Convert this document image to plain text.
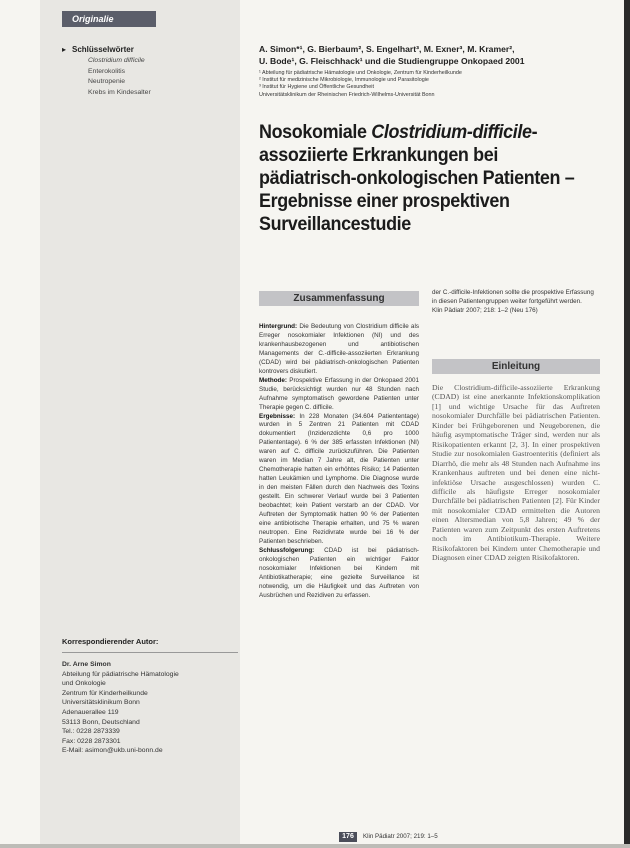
Originalie
▸ Schlüsselwörter
Clostridium difficile
Enterokolitis
Neutropenie
Krebs im Kindesalter
A. Simon*¹, G. Bierbaum², S. Engelhart³, M. Exner³, M. Kramer²,
U. Bode¹, G. Fleischhack¹ und die Studiengruppe Onkopaed 2001
¹ Abteilung für pädiatrische Hämatologie und Onkologie, Zentrum für Kinderheilkunde
² Institut für medizinische Mikrobiologie, Immunologie und Parasitologie
³ Institut für Hygiene und Öffentliche Gesundheit
Universitätsklinikum der Rheinischen Friedrich-Wilhelms-Universität Bonn
Nosokomiale Clostridium-difficile-assoziierte Erkrankungen bei pädiatrisch-onkologischen Patienten – Ergebnisse einer prospektiven Surveillancestudie
Zusammenfassung
Hintergrund: Die Bedeutung von Clostridium difficile als Erreger nosokomialer Infektionen (NI) und des krankenhausbezogenen und antibiotischen Managements der C.-difficile-assoziierten Erkrankung (CDAD) wird bei pädiatrisch-onkologischen Patienten kontrovers diskutiert.
Methode: Prospektive Erfassung in der Onkopaed 2001 Studie, berücksichtigt wurden nur 48 Stunden nach Aufnahme symptomatisch gewordene Patienten unter Therapie gegen C. difficile.
Ergebnisse: In 228 Monaten (34.604 Patiententage) wurden in 5 Zentren 21 Patienten mit CDAD dokumentiert (Inzidenzdichte 0,6 pro 1000 Patiententage). 6 % der 385 erfassten Infektionen (NI) waren auf C. difficile zurückzuführen. Die Patienten waren im Median 7 Jahre alt, die Patienten unter Chemotherapie hatten ein erhöhtes Risiko; 14 Patienten hatten Leukämien und Lymphome. Die Diagnose wurde in den meisten Fällen durch den Nachweis des Toxins gestellt. Ein schwerer Verlauf wurde bei 3 Patienten beobachtet; kein Patient verstarb an der CDAD. Vor Auftreten der Symptomatik hatten 90 % der Patienten eine antibiotische Therapie erhalten, und 75 % waren neutropen. Eine Rezidivrate wurde bei 16 % der Patienten beschrieben.
Schlussfolgerung: CDAD ist bei pädiatrisch-onkologischen Patienten ein wichtiger Faktor nosokomialer Infektionen bei Kindern mit Antibiotikatherapie; eine gezielte Surveillance ist notwendig, um die Häufigkeit und das Auftreten von Ausbrüchen und Rezidiven zu erfassen.
der C.-difficile-Infektionen sollte die prospektive Erfassung in diesen Patientengruppen weiter fortgeführt werden.
Klin Pädiatr 2007; 218: 1–2 (Neu 176)
Einleitung
Die Clostridium-difficile-assoziierte Erkrankung (CDAD) ist eine anerkannte Infektionskomplikation [1] und wichtige Ursache für das Auftreten nosokomialer Durchfälle bei pädiatrischen Patienten. Kinder bei Frühgeborenen und Neugeborenen, die häufig asymptomatische Träger sind, werden nur als Risikopatienten erkannt [2, 3]. In einer prospektiven Studie zur nosokomialen Gastroenteritis (definiert als Diarrhö, die mehr als 48 Stunden nach Aufnahme ins Krankenhaus auftreten und bei denen eine nicht-infektiöse Ursache ausgeschlossen) wurden C. difficile als häufigste Erreger nosokomialer Durchfälle bei pädiatrischen Patienten [2]. Für Kinder mit nosokomialer CDAD ermittelten die Autoren einen Altersmedian von 5,8 Jahren; 49 % der Patienten waren zum Zeitpunkt des ersten Auftretens noch im Antibiotikum-Therapie. Weitere Risikofaktoren bei Kindern unter Chemotherapie und Diagnosen einer CDAD zeigten Risikofaktoren.
Korrespondierender Autor:
Dr. Arne Simon
Abteilung für pädiatrische Hämatologie
und Onkologie
Zentrum für Kinderheilkunde
Universitätsklinikum Bonn
Adenauerallee 119
53113 Bonn, Deutschland
Tel.: 0228 2873339
Fax: 0228 2873301
E-Mail: asimon@ukb.uni-bonn.de
176	Klin Pädiatr 2007; 219: 1–5
